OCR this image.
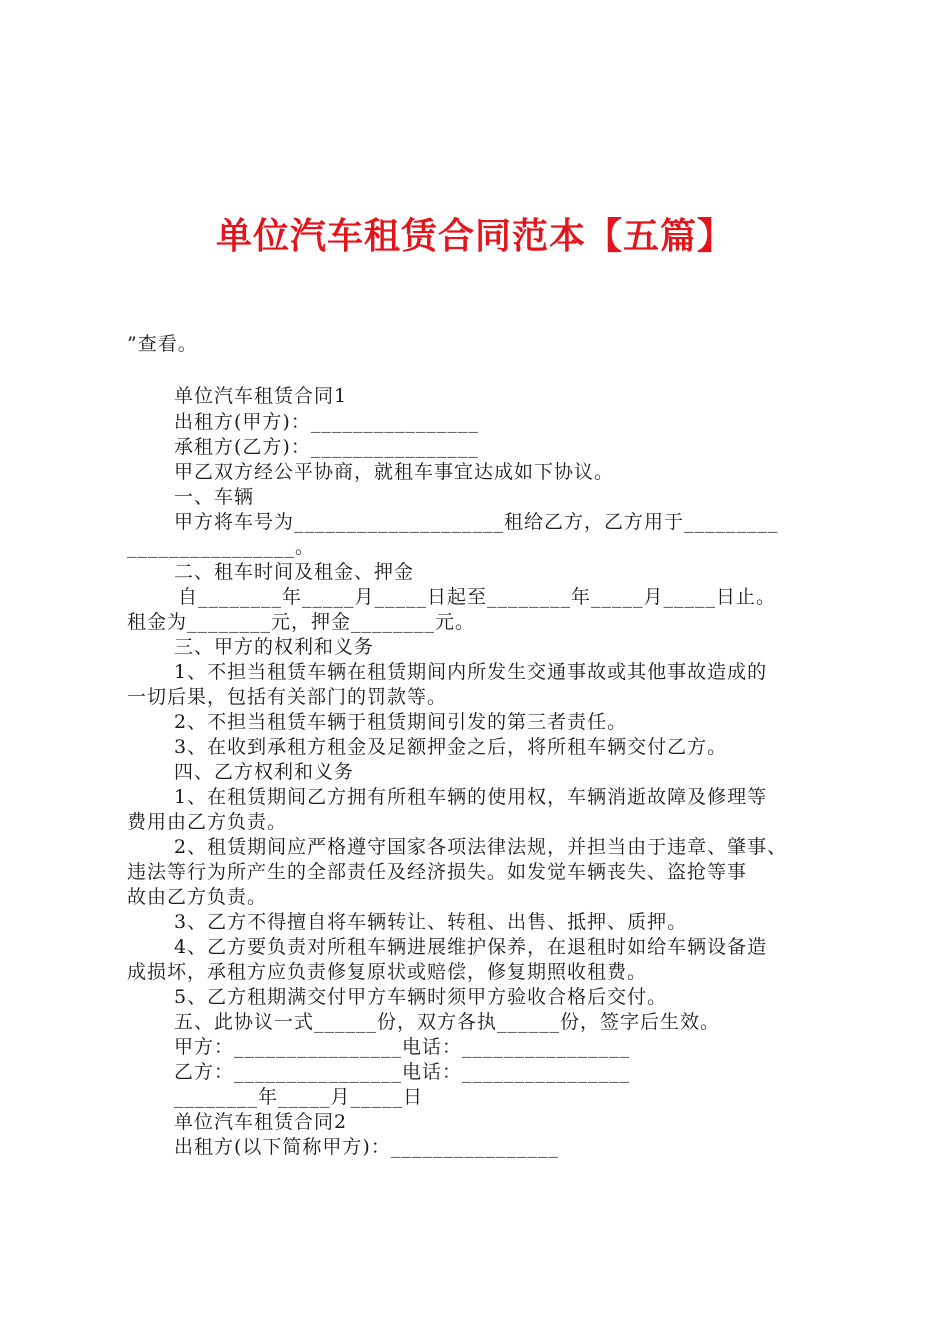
单位汽车租赁合同范本【五篇】
”查看。
单位汽车租赁合同1
出租方(甲方)：________________
承租方(乙方)：________________
甲乙双方经公平协商，就租车事宜达成如下协议。
一、车辆
甲方将车号为____________________租给乙方，乙方用于_________
________________。
二、租车时间及租金、押金
自________年_____月_____日起至________年_____月_____日止。
租金为________元，押金________元。
三、甲方的权利和义务
1、不担当租赁车辆在租赁期间内所发生交通事故或其他事故造成的
一切后果，包括有关部门的罚款等。
2、不担当租赁车辆于租赁期间引发的第三者责任。
3、在收到承租方租金及足额押金之后，将所租车辆交付乙方。
四、乙方权利和义务
1、在租赁期间乙方拥有所租车辆的使用权，车辆消逝故障及修理等
费用由乙方负责。
2、租赁期间应严格遵守国家各项法律法规，并担当由于违章、肇事、
违法等行为所产生的全部责任及经济损失。如发觉车辆丧失、盗抢等事
故由乙方负责。
3、乙方不得擅自将车辆转让、转租、出售、抵押、质押。
4、乙方要负责对所租车辆进展维护保养，在退租时如给车辆设备造
成损坏，承租方应负责修复原状或赔偿，修复期照收租费。
5、乙方租期满交付甲方车辆时须甲方验收合格后交付。
五、此协议一式______份，双方各执______份，签字后生效。
甲方：________________电话：________________
乙方：________________电话：________________
________年_____月_____日
单位汽车租赁合同2
出租方(以下简称甲方)：________________
